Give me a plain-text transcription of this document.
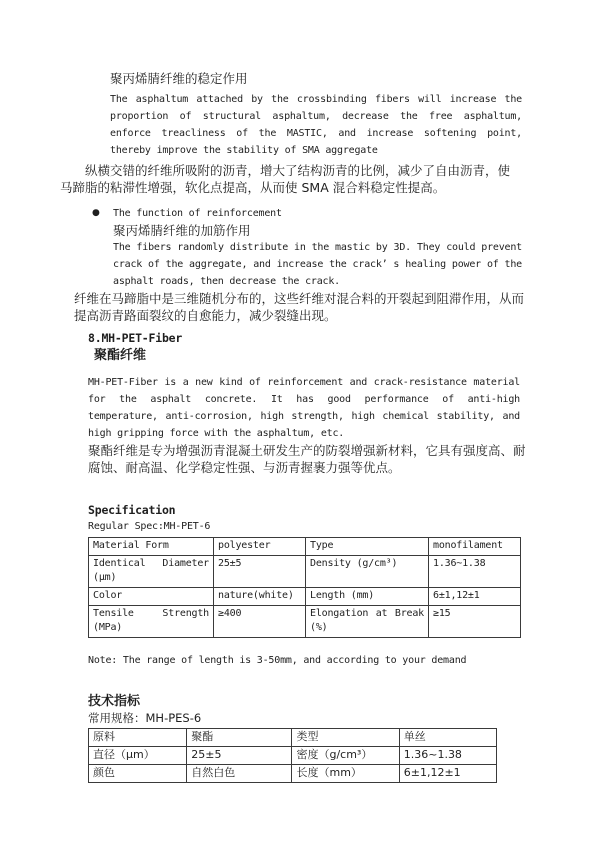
聚丙烯腈纤维的稳定作用

The asphaltum attached by the crossbinding fibers will increase the proportion of structural asphaltum, decrease the free asphaltum, enforce treacliness of the MASTIC, and increase softening point, thereby improve the stability of SMA aggregate

纵横交错的纤维所吸附的沥青，增大了结构沥青的比例，减少了自由沥青，使马蹄脂的粘滞性增强，软化点提高，从而使 SMA 混合料稳定性提高。

●	The function of reinforcement

聚丙烯腈纤维的加筋作用

The fibers randomly distribute in the mastic by 3D. They could prevent crack of the aggregate, and increase the crack’ s healing power of the asphalt roads, then decrease the crack.

纤维在马蹄脂中是三维随机分布的，这些纤维对混合料的开裂起到阻滞作用，从而提高沥青路面裂纹的自愈能力，减少裂缝出现。

8.MH-PET-Fiber
聚酯纤维

MH-PET-Fiber is a new kind of reinforcement and crack-resistance material for the asphalt concrete. It has good performance of anti-high temperature, anti-corrosion, high strength, high chemical stability, and high gripping force with the asphaltum, etc.

聚酯纤维是专为增强沥青混凝土研发生产的防裂增强新材料，它具有强度高、耐腐蚀、耐高温、化学稳定性强、与沥青握裹力强等优点。

Specification

Regular Spec:MH-PET-6

Material Form	polyester	Type	monofilament
Identical Diameter (μm)	25±5	Density (g/cm³)	1.36~1.38
Color	nature(white)	Length (mm)	6±1,12±1
Tensile Strength (MPa)	≥400	Elongation at Break (%)	≥15

Note: The range of length is 3-50mm, and according to your demand

技术指标

常用规格：MH-PES-6

原料	聚酯	类型	单丝
直径（μm）	25±5	密度（g/cm³）	1.36~1.38
颜色	自然白色	长度（mm）	6±1,12±1
